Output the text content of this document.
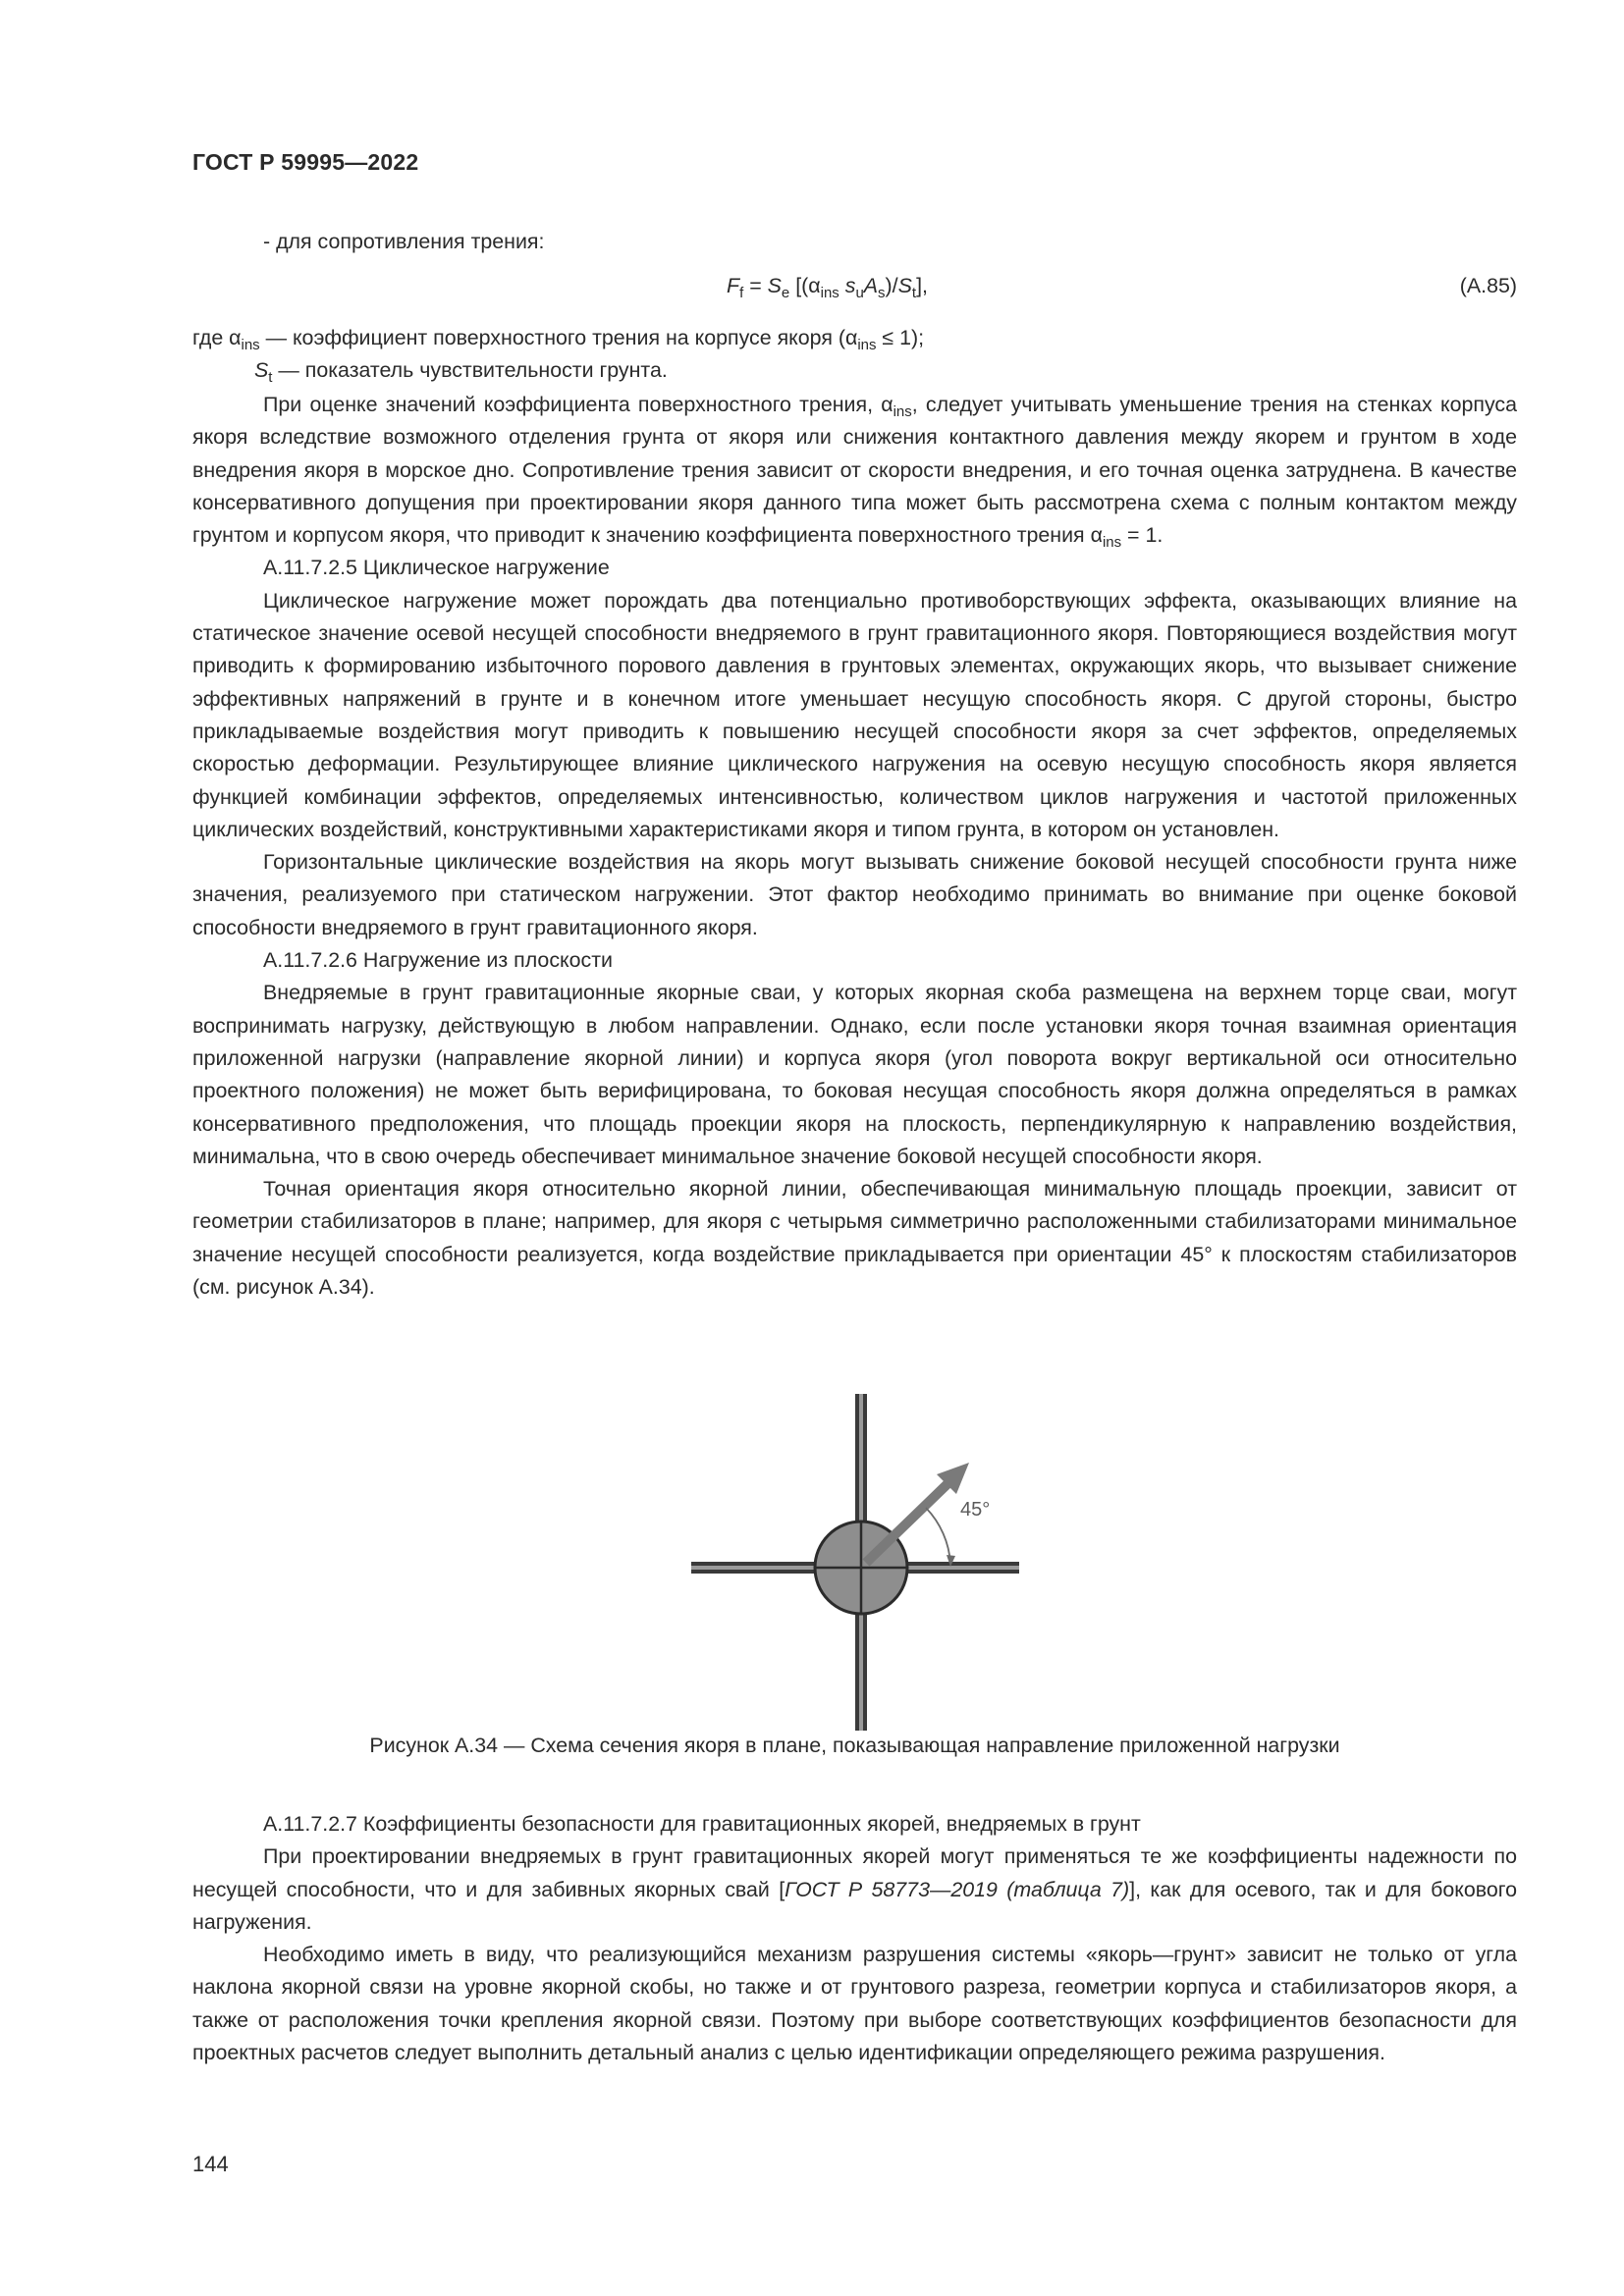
ГОСТ Р 59995—2022
- для сопротивления трения:
$F_f = S_e$ [($\alpha_{ins}$ $s_uA_s)/S_t$],	(А.85)
где $\alpha_{ins}$ — коэффициент поверхностного трения на корпусе якоря $(\alpha_{ins} \le 1)$;
$S_t$ — показатель чувствительности грунта.

При оценке значений коэффициента поверхностного трения, $\alpha_{ins}$, следует учитывать уменьшение трения на стенках корпуса якоря вследствие возможного отделения грунта от якоря или снижения контактного давления между якорем и грунтом в ходе внедрения якоря в морское дно. Сопротивление трения зависит от скорости внедрения, и его точная оценка затруднена. В качестве консервативного допущения при проектировании якоря данного типа может быть рассмотрена схема с полным контактом между грунтом и корпусом якоря, что приводит к значению коэффициента поверхностного трения $\alpha_{ins} = 1$.

А.11.7.2.5 Циклическое нагружение

Циклическое нагружение может порождать два потенциально противоборствующих эффекта, оказывающих влияние на статическое значение осевой несущей способности внедряемого в грунт гравитационного якоря. Повторяющиеся воздействия могут приводить к формированию избыточного порового давления в грунтовых элементах, окружающих якорь, что вызывает снижение эффективных напряжений в грунте и в конечном итоге уменьшает несущую способность якоря. С другой стороны, быстро прикладываемые воздействия могут приводить к повышению несущей способности якоря за счет эффектов, определяемых скоростью деформации. Результирующее влияние циклического нагружения на осевую несущую способность якоря является функцией комбинации эффектов, определяемых интенсивностью, количеством циклов нагружения и частотой приложенных циклических воздействий, конструктивными характеристиками якоря и типом грунта, в котором он установлен.

Горизонтальные циклические воздействия на якорь могут вызывать снижение боковой несущей способности грунта ниже значения, реализуемого при статическом нагружении. Этот фактор необходимо принимать во внимание при оценке боковой способности внедряемого в грунт гравитационного якоря.

А.11.7.2.6 Нагружение из плоскости

Внедряемые в грунт гравитационные якорные сваи, у которых якорная скоба размещена на верхнем торце сваи, могут воспринимать нагрузку, действующую в любом направлении. Однако, если после установки якоря точная взаимная ориентация приложенной нагрузки (направление якорной линии) и корпуса якоря (угол поворота вокруг вертикальной оси относительно проектного положения) не может быть верифицирована, то боковая несущая способность якоря должна определяться в рамках консервативного предположения, что площадь проекции якоря на плоскость, перпендикулярную к направлению воздействия, минимальна, что в свою очередь обеспечивает минимальное значение боковой несущей способности якоря.

Точная ориентация якоря относительно якорной линии, обеспечивающая минимальную площадь проекции, зависит от геометрии стабилизаторов в плане; например, для якоря с четырьмя симметрично расположенными стабилизаторами минимальное значение несущей способности реализуется, когда воздействие прикладывается при ориентации 45° к плоскостям стабилизаторов (см. рисунок А.34).

45°
Рисунок А.34 — Схема сечения якоря в плане, показывающая направление приложенной нагрузки

А.11.7.2.7 Коэффициенты безопасности для гравитационных якорей, внедряемых в грунт

При проектировании внедряемых в грунт гравитационных якорей могут применяться те же коэффициенты надежности по несущей способности, что и для забивных якорных свай [ГОСТ Р 58773—2019 (таблица 7)], как для осевого, так и для бокового нагружения.

Необходимо иметь в виду, что реализующийся механизм разрушения системы «якорь—грунт» зависит не только от угла наклона якорной связи на уровне якорной скобы, но также и от грунтового разреза, геометрии корпуса и стабилизаторов якоря, а также от расположения точки крепления якорной связи. Поэтому при выборе соответствующих коэффициентов безопасности для проектных расчетов следует выполнить детальный анализ с целью идентификации определяющего режима разрушения.

144
